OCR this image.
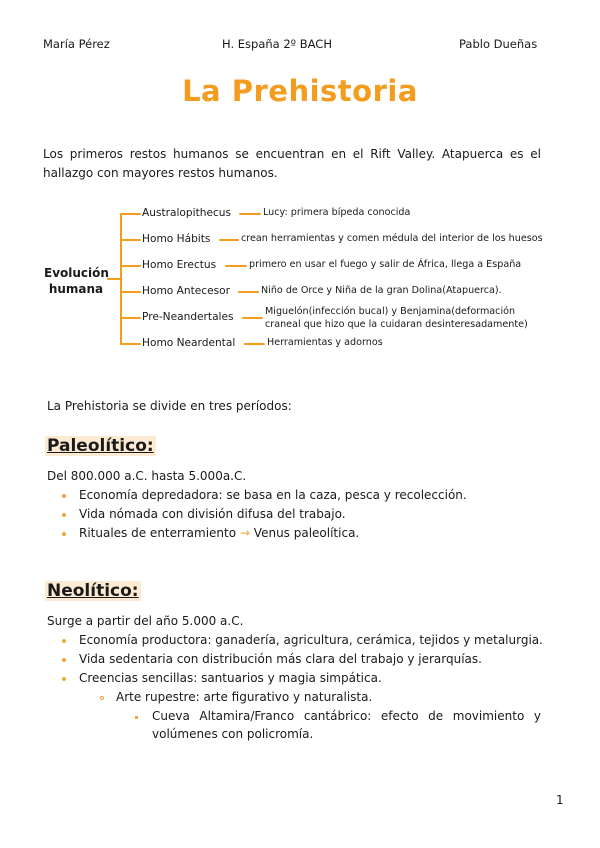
María Pérez	H. España 2º BACH	Pablo Dueñas
La Prehistoria
Los primeros restos humanos se encuentran en el Rift Valley. Atapuerca es el hallazgo con mayores restos humanos.
Evolución
humana
Australopithecus
Homo Hábits
Homo Erectus
Homo Antecesor
Pre-Neandertales
Homo Neardental
Lucy: primera bípeda conocida
crean herramientas y comen médula del interior de los huesos
primero en usar el fuego y salir de África, llega a España
Niño de Orce y Niña de la gran Dolina(Atapuerca).
Miguelón(infección bucal) y Benjamina(deformación
craneal que hizo que la cuidaran desinteresadamente)
Herramientas y adornos
La Prehistoria se divide en tres períodos:
Paleolítico:
Del 800.000 a.C. hasta 5.000a.C.
Economía depredadora: se basa en la caza, pesca y recolección.
Vida nómada con división difusa del trabajo.
Rituales de enterramiento → Venus paleolítica.
Neolítico:
Surge a partir del año 5.000 a.C.
Economía productora: ganadería, agricultura, cerámica, tejidos y metalurgia.
Vida sedentaria con distribución más clara del trabajo y jerarquías.
Creencias sencillas: santuarios y magia simpática.
Arte rupestre: arte figurativo y naturalista.
Cueva Altamira/Franco cantábrico: efecto de movimiento y
volúmenes con policromía.
1
